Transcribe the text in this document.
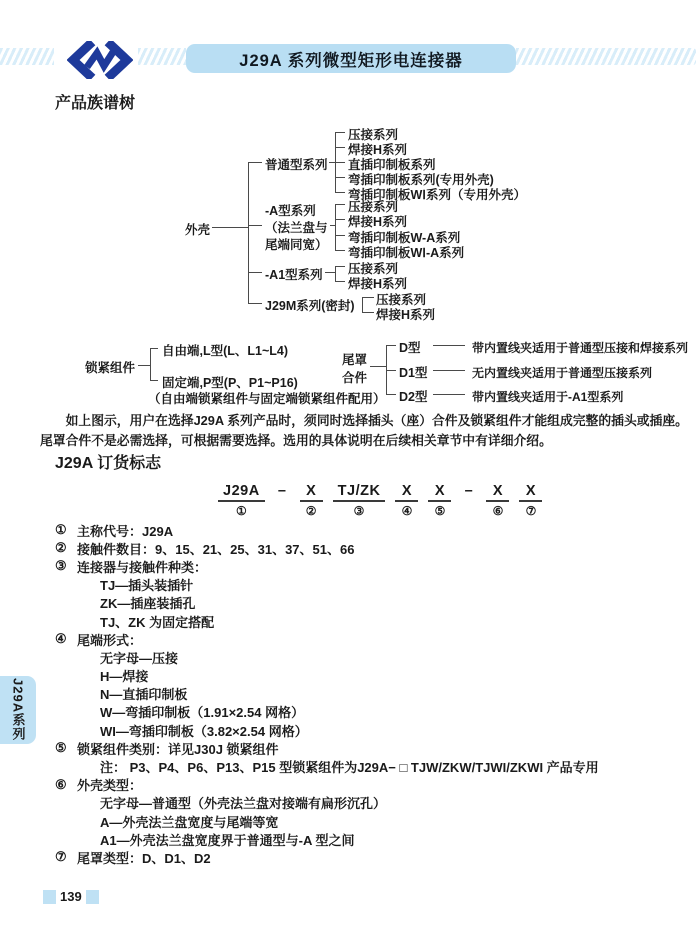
J29A 系列微型矩形电连接器
产品族谱树
外壳
普通型系列
压接系列
焊接H系列
直插印制板系列
弯插印制板系列(专用外壳)
弯插印制板WⅠ系列（专用外壳）
-A型系列
（法兰盘与
尾端同宽）
压接系列
焊接H系列
弯插印制板W-A系列
弯插印制板WⅠ-A系列
-A1型系列 压接系列
焊接H系列
J29M系列(密封) 压接系列
焊接H系列
锁紧组件
自由端,L型(L、L1~L4)
固定端,P型(P、P1~P16)
（自由端锁紧组件与固定端锁紧组件配用）
尾罩
合件
D型
D1型
D2型
带内置线夹适用于普通型压接和焊接系列
无内置线夹适用于普通型压接系列
带内置线夹适用于-A1型系列
如上图示，用户在选择J29A 系列产品时，须同时选择插头（座）合件及锁紧组件才能组成完整的插头或插座。
尾罩合件不是必需选择，可根据需要选择。选用的具体说明在后续相关章节中有详细介绍。
J29A 订货标志
J29A
①
–	X
②
TJ/ZK
③
X
④
X
⑤
–	X
⑥
X
⑦
① 主称代号：J29A
② 接触件数目：9、15、21、25、31、37、51、66
③ 连接器与接触件种类：
TJ—插头装插针
ZK—插座装插孔
TJ、ZK 为固定搭配
④ 尾端形式：
无字母—压接
H—焊接
N—直插印制板
W—弯插印制板（1.91×2.54 网格）
WI—弯插印制板（3.82×2.54 网格）
⑤ 锁紧组件类别：详见J30J 锁紧组件
注： P3、P4、P6、P13、P15 型锁紧组件为J29A− □ TJW/ZKW/TJWI/ZKWI 产品专用
⑥ 外壳类型：
无字母—普通型（外壳法兰盘对接端有扁形沉孔）
A—外壳法兰盘宽度与尾端等宽
A1—外壳法兰盘宽度界于普通型与-A 型之间
⑦ 尾罩类型：D、D1、D2
J29A系列
139
